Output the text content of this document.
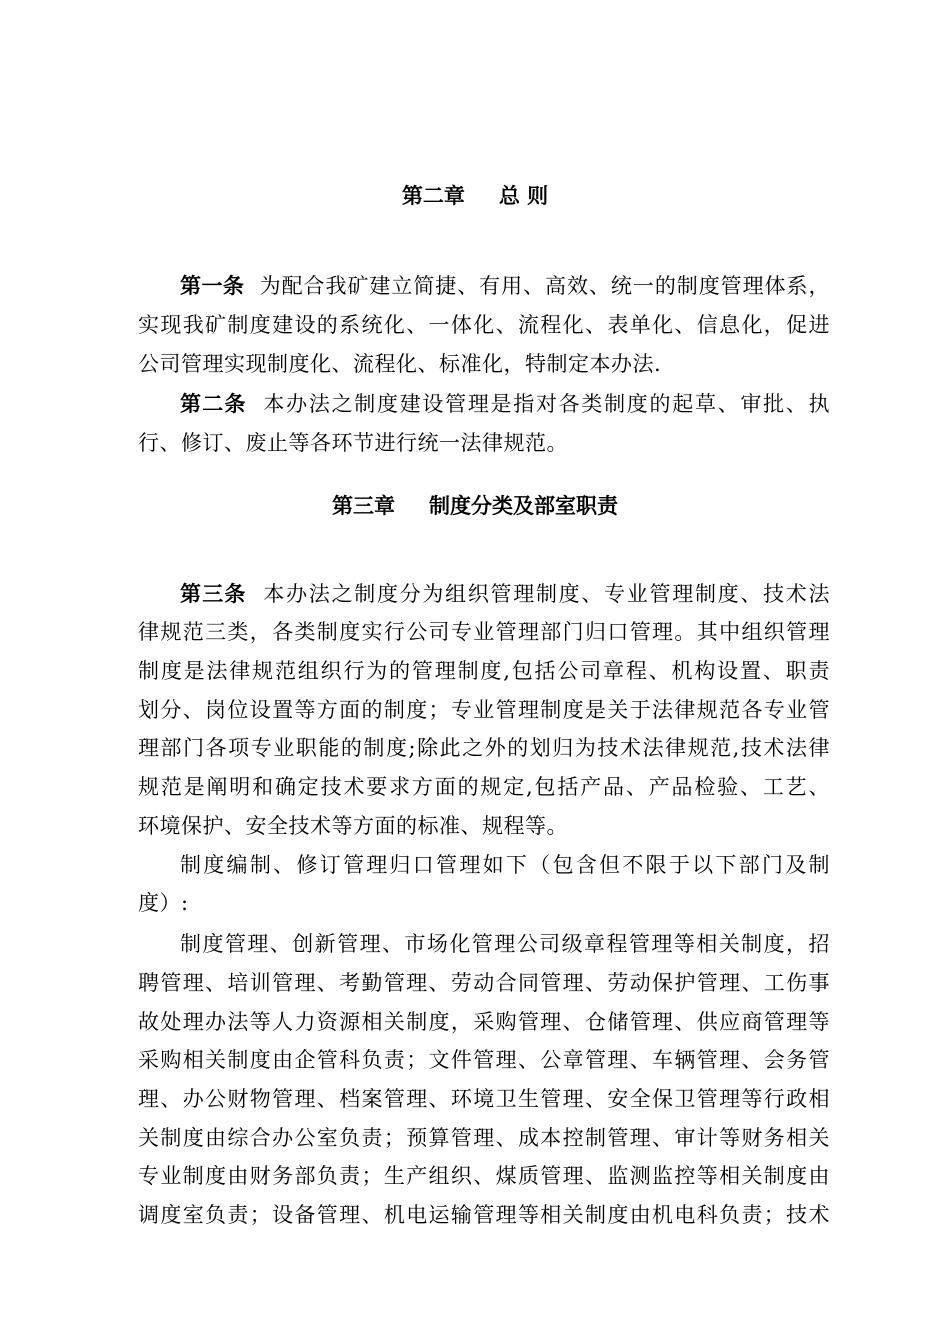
第二章 总 则
第一条 为配合我矿建立简捷、有用、高效、统一的制度管理体系，
实现我矿制度建设的系统化、一体化、流程化、表单化、信息化，促进
公司管理实现制度化、流程化、标准化，特制定本办法.
第二条 本办法之制度建设管理是指对各类制度的起草、审批、执
行、修订、废止等各环节进行统一法律规范。
第三章 制度分类及部室职责
第三条 本办法之制度分为组织管理制度、专业管理制度、技术法
律规范三类，各类制度实行公司专业管理部门归口管理。其中组织管理
制度是法律规范组织行为的管理制度,包括公司章程、机构设置、职责
划分、岗位设置等方面的制度；专业管理制度是关于法律规范各专业管
理部门各项专业职能的制度;除此之外的划归为技术法律规范,技术法律
规范是阐明和确定技术要求方面的规定,包括产品、产品检验、工艺、
环境保护、安全技术等方面的标准、规程等。
制度编制、修订管理归口管理如下（包含但不限于以下部门及制
度）:
制度管理、创新管理、市场化管理公司级章程管理等相关制度，招
聘管理、培训管理、考勤管理、劳动合同管理、劳动保护管理、工伤事
故处理办法等人力资源相关制度，采购管理、仓储管理、供应商管理等
采购相关制度由企管科负责；文件管理、公章管理、车辆管理、会务管
理、办公财物管理、档案管理、环境卫生管理、安全保卫管理等行政相
关制度由综合办公室负责；预算管理、成本控制管理、审计等财务相关
专业制度由财务部负责；生产组织、煤质管理、监测监控等相关制度由
调度室负责；设备管理、机电运输管理等相关制度由机电科负责；技术
